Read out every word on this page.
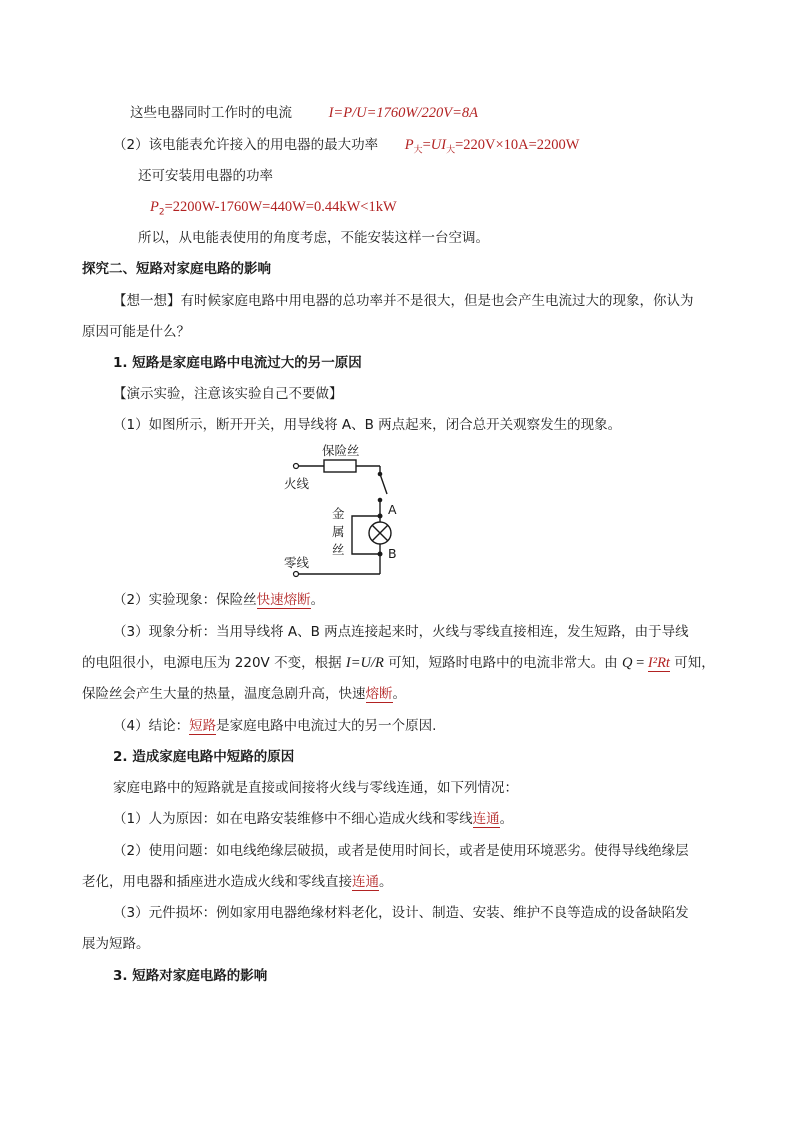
这些电器同时工作时的电流	I=P/U=1760W/220V=8A
（2）该电能表允许接入的用电器的最大功率 $P_大=UI_大=220V\times 10A=2200W$
还可安装用电器的功率
$P_2=2200W-1760W=440W=0.44kW<1kW$
所以，从电能表使用的角度考虑，不能安装这样一台空调。
探究二、短路对家庭电路的影响
【想一想】有时候家庭电路中用电器的总功率并不是很大，但是也会产生电流过大的现象，你认为
原因可能是什么？
1. 短路是家庭电路中电流过大的另一原因
【演示实验，注意该实验自己不要做】
（1）如图所示，断开开关，用导线将 A、B 两点起来，闭合总开关观察发生的现象。
保险丝
火线
金
属
丝
零线
A
B
（2）实验现象：保险丝快速熔断。
（3）现象分析：当用导线将 A、B 两点连接起来时，火线与零线直接相连，发生短路，由于导线
的电阻很小，电源电压为 220V 不变，根据 I=U/R 可知，短路时电路中的电流非常大。由 Q = I²Rt 可知，
保险丝会产生大量的热量，温度急剧升高，快速熔断。
（4）结论：短路是家庭电路中电流过大的另一个原因.
2. 造成家庭电路中短路的原因
家庭电路中的短路就是直接或间接将火线与零线连通，如下列情况：
（1）人为原因：如在电路安装维修中不细心造成火线和零线连通。
（2）使用问题：如电线绝缘层破损，或者是使用时间长，或者是使用环境恶劣。使得导线绝缘层
老化，用电器和插座进水造成火线和零线直接连通。
（3）元件损坏：例如家用电器绝缘材料老化，设计、制造、安装、维护不良等造成的设备缺陷发
展为短路。
3. 短路对家庭电路的影响
